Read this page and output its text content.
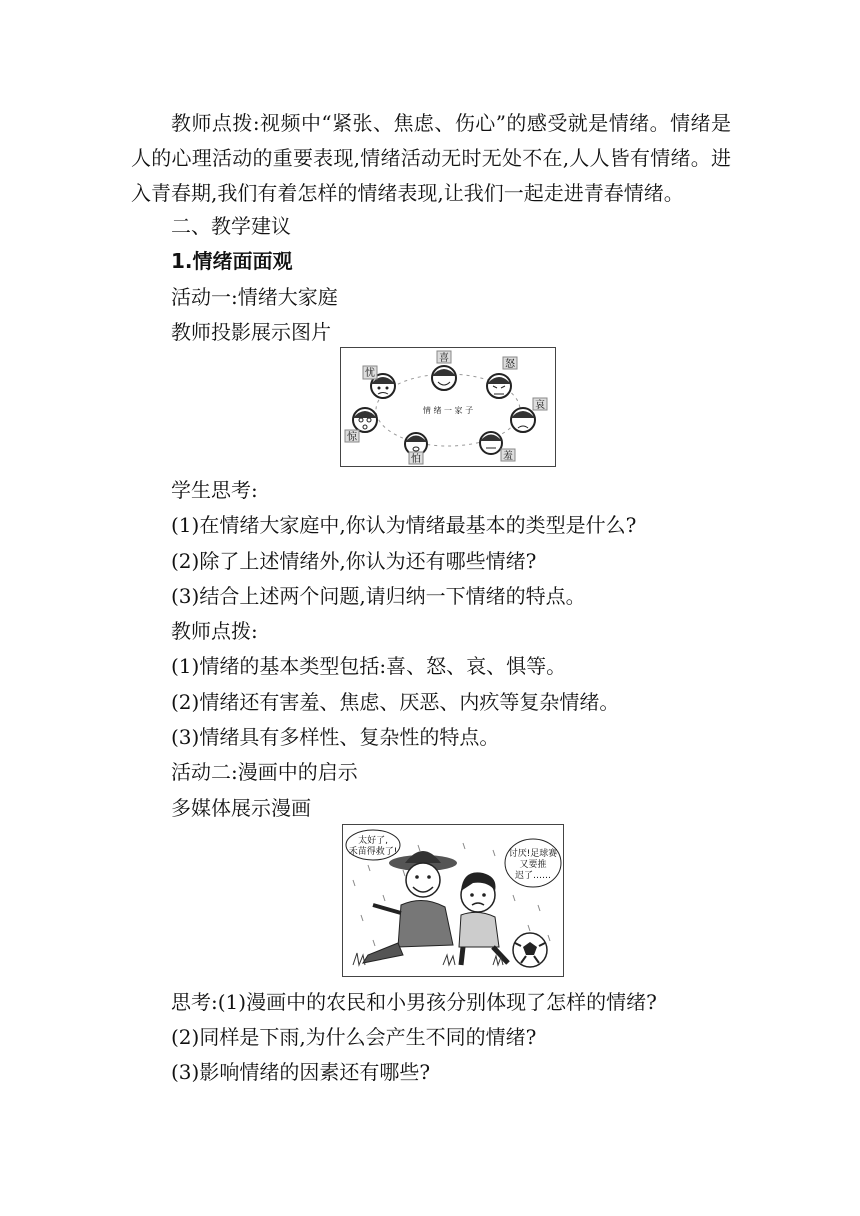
教师点拨:视频中“紧张、焦虑、伤心”的感受就是情绪。情绪是人的心理活动的重要表现,情绪活动无时无处不在,人人皆有情绪。进入青春期,我们有着怎样的情绪表现,让我们一起走进青春情绪。
二、教学建议
1.情绪面面观
活动一:情绪大家庭
教师投影展示图片
情 绪 一 家 子
忧
喜
怒
哀
羞
怕
惊
学生思考:
(1)在情绪大家庭中,你认为情绪最基本的类型是什么?
(2)除了上述情绪外,你认为还有哪些情绪?
(3)结合上述两个问题,请归纳一下情绪的特点。
教师点拨:
(1)情绪的基本类型包括:喜、怒、哀、惧等。
(2)情绪还有害羞、焦虑、厌恶、内疚等复杂情绪。
(3)情绪具有多样性、复杂性的特点。
活动二:漫画中的启示
多媒体展示漫画
太好了,
禾苗得救了!	讨厌!足球赛
又要推
迟了……
思考:(1)漫画中的农民和小男孩分别体现了怎样的情绪?
(2)同样是下雨,为什么会产生不同的情绪?
(3)影响情绪的因素还有哪些?
